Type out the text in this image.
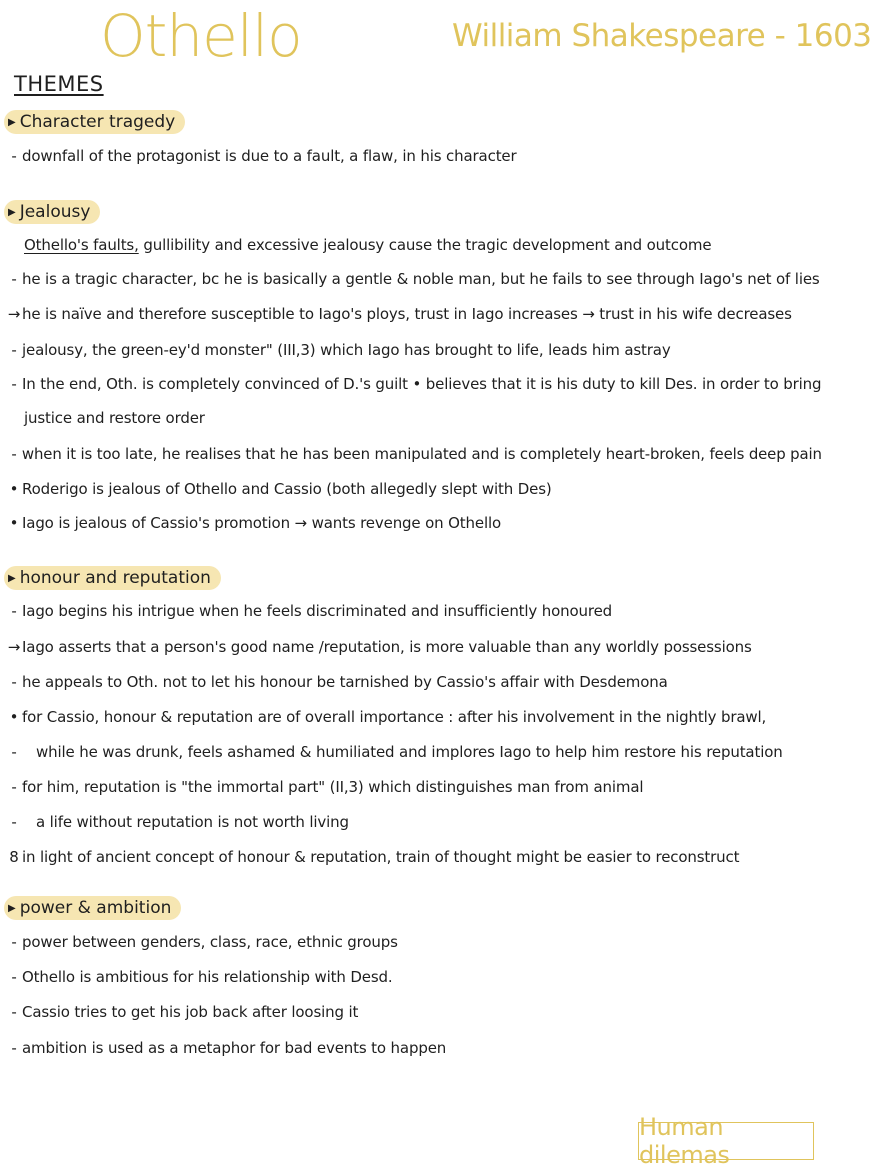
Othello	William Shakespeare - 1603
THEMES
▶ Character tragedy
- downfall of the protagonist is due to a fault, a flaw, in his character
▶ Jealousy
Othello's faults, gullibility and excessive jealousy cause the tragic development and outcome
- he is a tragic character, bc he is basically a gentle & noble man, but he fails to see through Iago's net of lies
→ he is naïve and therefore susceptible to Iago's ploys, trust in Iago increases → trust in his wife decreases
- jealousy, the green-ey'd monster" (III,3) which Iago has brought to life, leads him astray
- In the end, Oth. is completely convinced of D.'s guilt • believes that it is his duty to kill Des. in order to bring
justice and restore order
- when it is too late, he realises that he has been manipulated and is completely heart-broken, feels deep pain
• Roderigo is jealous of Othello and Cassio (both allegedly slept with Des)
• Iago is jealous of Cassio's promotion → wants revenge on Othello
▶ honour and reputation
- Iago begins his intrigue when he feels discriminated and insufficiently honoured
→ Iago asserts that a person's good name /reputation, is more valuable than any worldly possessions
- he appeals to Oth. not to let his honour be tarnished by Cassio's affair with Desdemona
• for Cassio, honour & reputation are of overall importance : after his involvement in the nightly brawl,
- while he was drunk, feels ashamed & humiliated and implores Iago to help him restore his reputation
- for him, reputation is "the immortal part" (II,3) which distinguishes man from animal
- a life without reputation is not worth living
8 in light of ancient concept of honour & reputation, train of thought might be easier to reconstruct
▶ power & ambition
- power between genders, class, race, ethnic groups
- Othello is ambitious for his relationship with Desd.
- Cassio tries to get his job back after loosing it
- ambition is used as a metaphor for bad events to happen
Human dilemas
